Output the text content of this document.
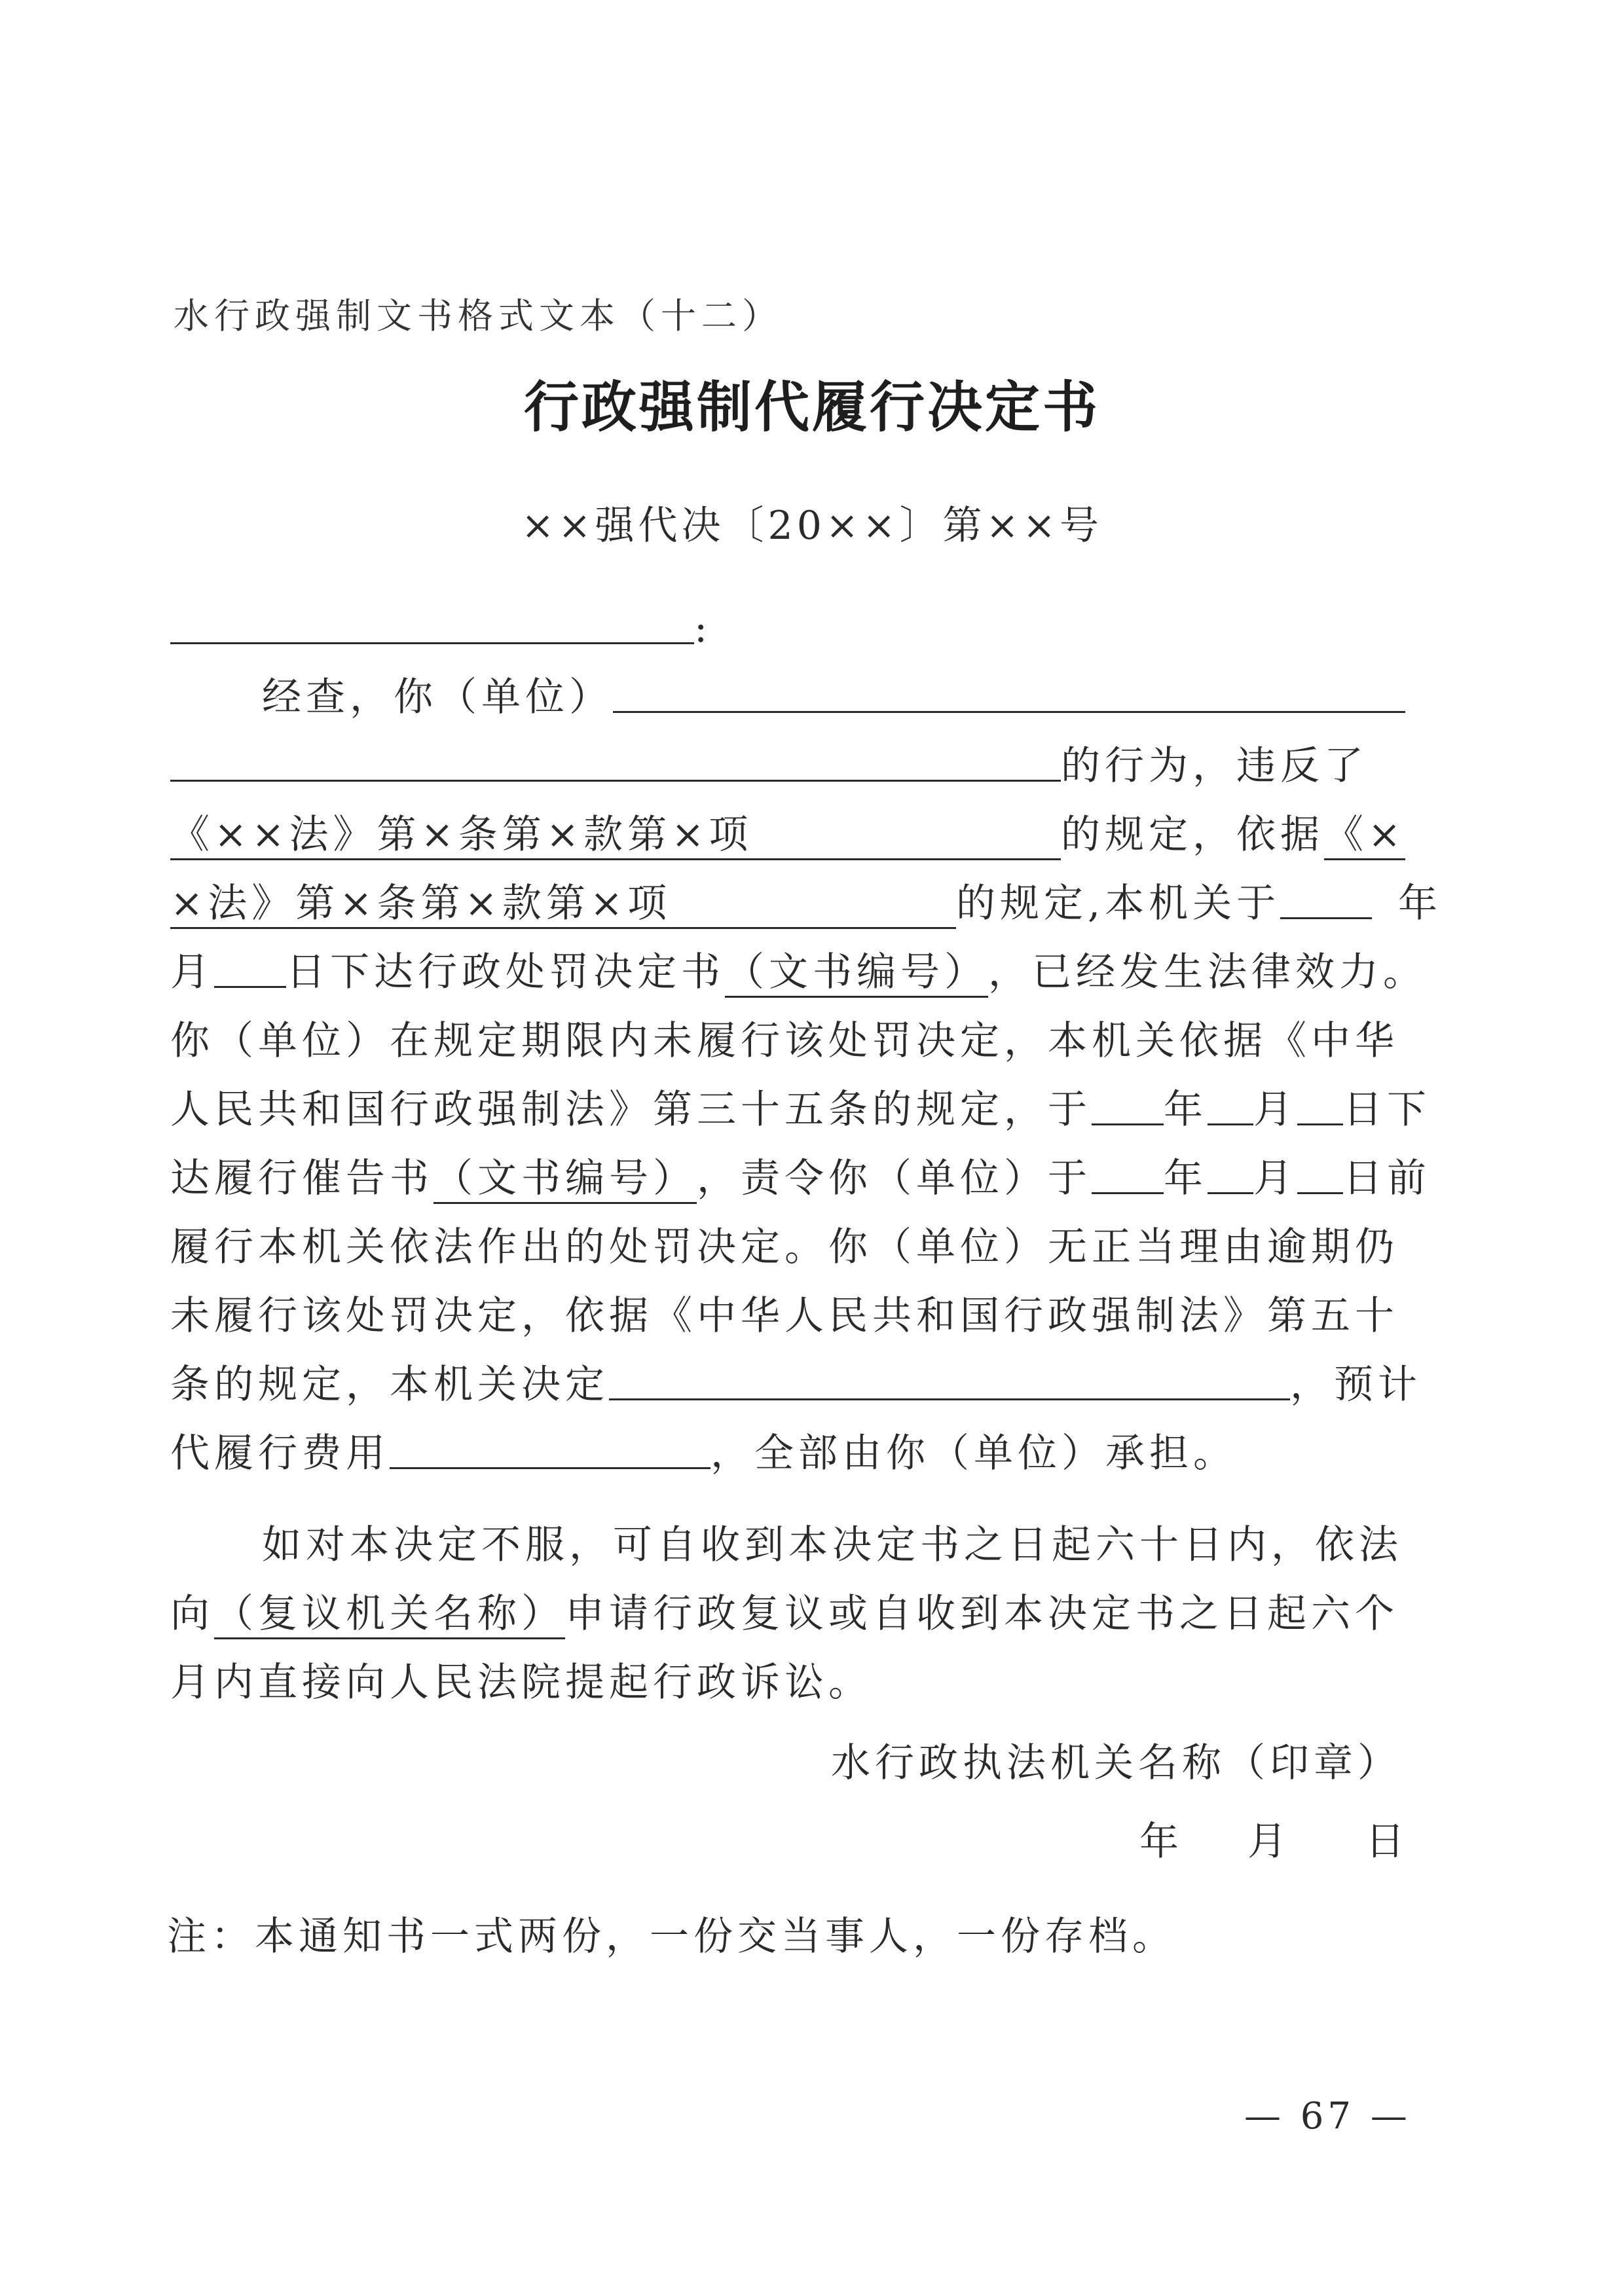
水行政强制文书格式文本（十二）
行政强制代履行决定书
××强代决〔20××〕第××号
:
经查，你（单位）
的行为，违反了
《××法》第×条第×款第×项	的规定，依据《×
×法》第×条第×款第×项	的规定,本机关于	年
月 日下达行政处罚决定书（文书编号），已经发生法律效力。
你（单位）在规定期限内未履行该处罚决定，本机关依据《中华
人民共和国行政强制法》第三十五条的规定，于 年 月 日下
达履行催告书（文书编号），责令你（单位）于 年 月 日前
履行本机关依法作出的处罚决定。你（单位）无正当理由逾期仍
未履行该处罚决定，依据《中华人民共和国行政强制法》第五十
条的规定，本机关决定	，预计
代履行费用	，全部由你（单位）承担。
如对本决定不服，可自收到本决定书之日起六十日内，依法
向（复议机关名称）申请行政复议或自收到本决定书之日起六个
月内直接向人民法院提起行政诉讼。
水行政执法机关名称（印章）
年 月 日
注：本通知书一式两份，一份交当事人，一份存档。
— 67 —
